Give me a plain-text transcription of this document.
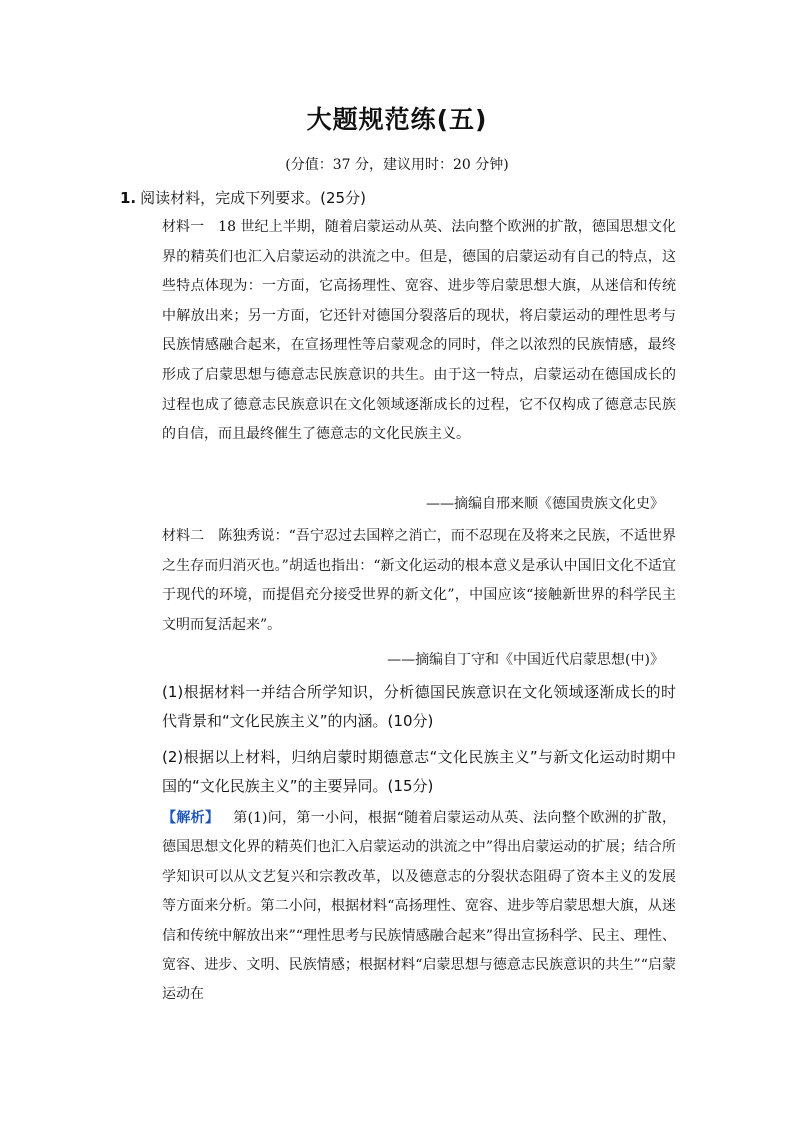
大题规范练(五)
(分值：37 分，建议用时：20 分钟)
1. 阅读材料，完成下列要求。(25分)
材料一 18 世纪上半期，随着启蒙运动从英、法向整个欧洲的扩散，德国思想文化界的精英们也汇入启蒙运动的洪流之中。但是，德国的启蒙运动有自己的特点，这些特点体现为：一方面，它高扬理性、宽容、进步等启蒙思想大旗，从迷信和传统中解放出来；另一方面，它还针对德国分裂落后的现状，将启蒙运动的理性思考与民族情感融合起来，在宣扬理性等启蒙观念的同时，伴之以浓烈的民族情感，最终形成了启蒙思想与德意志民族意识的共生。由于这一特点，启蒙运动在德国成长的过程也成了德意志民族意识在文化领域逐渐成长的过程，它不仅构成了德意志民族的自信，而且最终催生了德意志的文化民族主义。
——摘编自邢来顺《德国贵族文化史》
材料二 陈独秀说：“吾宁忍过去国粹之消亡，而不忍现在及将来之民族，不适世界之生存而归消灭也。”胡适也指出：“新文化运动的根本意义是承认中国旧文化不适宜于现代的环境，而提倡充分接受世界的新文化”，中国应该“接触新世界的科学民主文明而复活起来”。
——摘编自丁守和《中国近代启蒙思想(中)》
(1)根据材料一并结合所学知识，分析德国民族意识在文化领域逐渐成长的时代背景和“文化民族主义”的内涵。(10分)
(2)根据以上材料，归纳启蒙时期德意志“文化民族主义”与新文化运动时期中国的“文化民族主义”的主要异同。(15分)
【解析】 第(1)问，第一小问，根据“随着启蒙运动从英、法向整个欧洲的扩散，德国思想文化界的精英们也汇入启蒙运动的洪流之中”得出启蒙运动的扩展；结合所学知识可以从文艺复兴和宗教改革，以及德意志的分裂状态阻碍了资本主义的发展等方面来分析。第二小问，根据材料“高扬理性、宽容、进步等启蒙思想大旗，从迷信和传统中解放出来”“理性思考与民族情感融合起来”得出宣扬科学、民主、理性、宽容、进步、文明、民族情感；根据材料“启蒙思想与德意志民族意识的共生”“启蒙运动在
